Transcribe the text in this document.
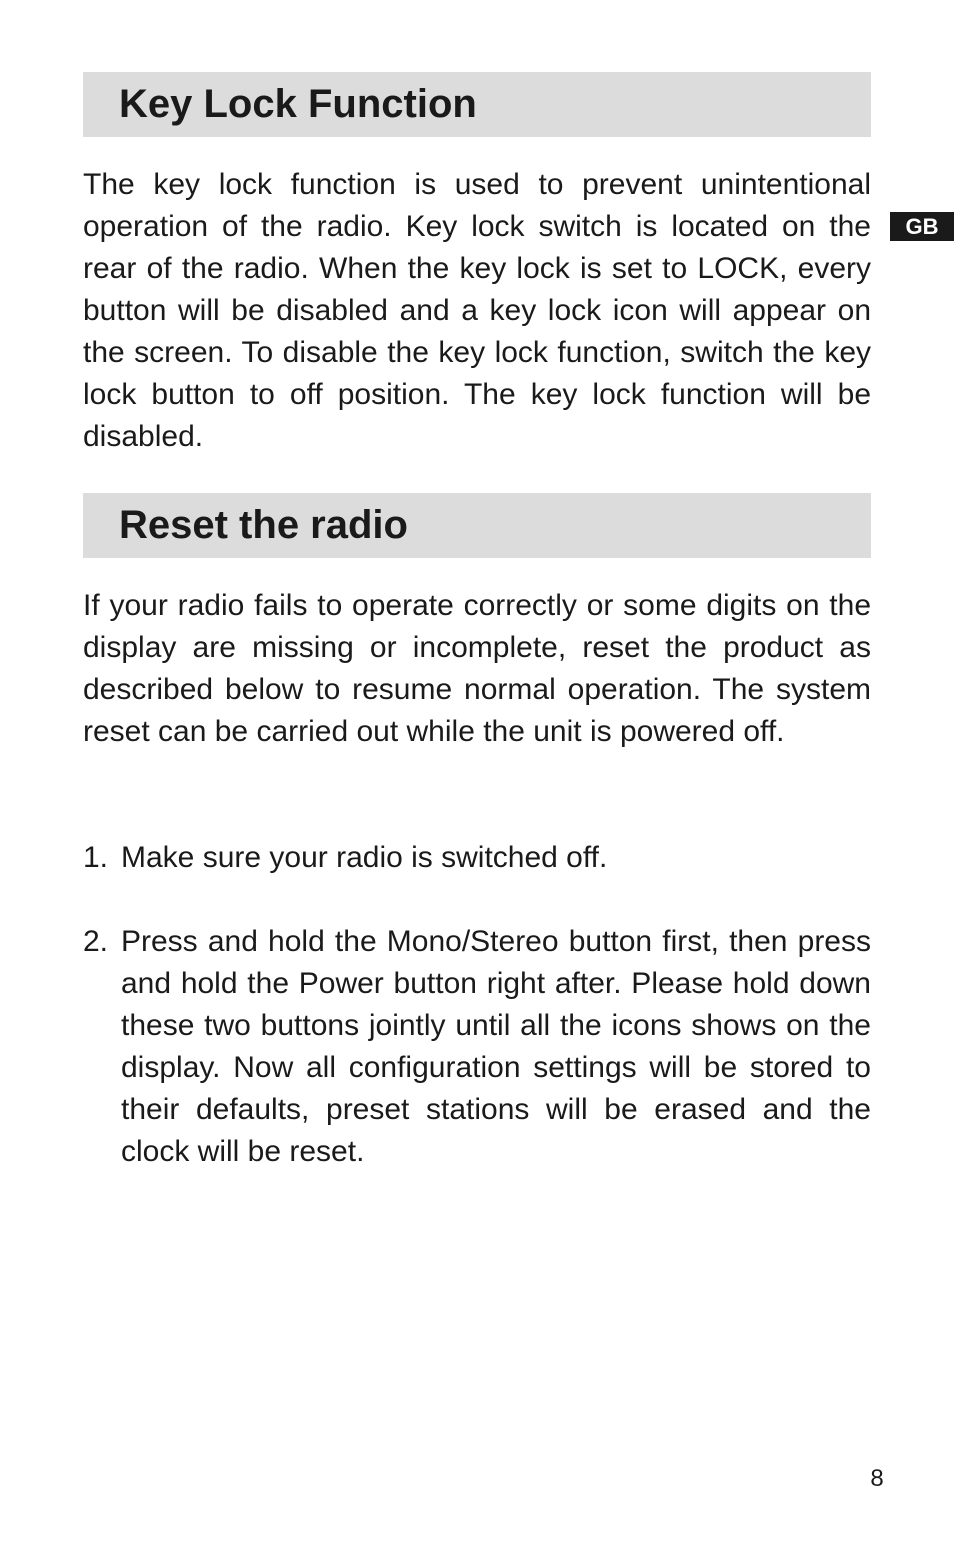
GB
Key Lock Function

The key lock function is used to prevent unintentional operation of the radio. Key lock switch is located on the rear of the radio. When the key lock is set to LOCK, every button will be disabled and a key lock icon will appear on the screen. To disable the key lock function, switch the key lock button to off position. The key lock function will be disabled.

Reset the radio

If your radio fails to operate correctly or some digits on the display are missing or incomplete, reset the product as described below to resume normal operation. The system reset can be carried out while the unit is powered off.

1. Make sure your radio is switched off.
2. Press and hold the Mono/Stereo button first, then press and hold the Power button right after. Please hold down these two buttons jointly until all the icons shows on the display. Now all configuration settings will be stored to their defaults, preset stations will be erased and the clock will be reset.
8
